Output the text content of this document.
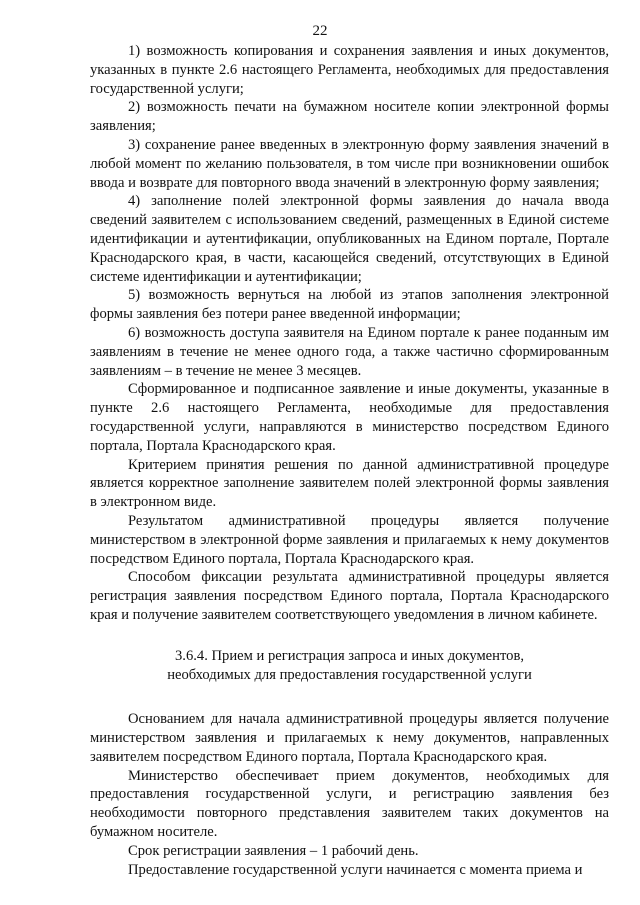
22

1) возможность копирования и сохранения заявления и иных документов, указанных в пункте 2.6 настоящего Регламента, необходимых для предоставления государственной услуги;

2) возможность печати на бумажном носителе копии электронной формы заявления;

3) сохранение ранее введенных в электронную форму заявления значений в любой момент по желанию пользователя, в том числе при возникновении ошибок ввода и возврате для повторного ввода значений в электронную форму заявления;

4) заполнение полей электронной формы заявления до начала ввода сведений заявителем с использованием сведений, размещенных в Единой системе идентификации и аутентификации, опубликованных на Едином портале, Портале Краснодарского края, в части, касающейся сведений, отсутствующих в Единой системе идентификации и аутентификации;

5) возможность вернуться на любой из этапов заполнения электронной формы заявления без потери ранее введенной информации;

6) возможность доступа заявителя на Едином портале к ранее поданным им заявлениям в течение не менее одного года, а также частично сформированным заявлениям – в течение не менее 3 месяцев.

Сформированное и подписанное заявление и иные документы, указанные в пункте 2.6 настоящего Регламента, необходимые для предоставления государственной услуги, направляются в министерство посредством Единого портала, Портала Краснодарского края.

Критерием принятия решения по данной административной процедуре является корректное заполнение заявителем полей электронной формы заявления в электронном виде.

Результатом административной процедуры является получение министерством в электронной форме заявления и прилагаемых к нему документов посредством Единого портала, Портала Краснодарского края.

Способом фиксации результата административной процедуры является регистрация заявления посредством Единого портала, Портала Краснодарского края и получение заявителем соответствующего уведомления в личном кабинете.

3.6.4. Прием и регистрация запроса и иных документов,
необходимых для предоставления государственной услуги

Основанием для начала административной процедуры является получение министерством заявления и прилагаемых к нему документов, направленных заявителем посредством Единого портала, Портала Краснодарского края.

Министерство обеспечивает прием документов, необходимых для предоставления государственной услуги, и регистрацию заявления без необходимости повторного представления заявителем таких документов на бумажном носителе.

Срок регистрации заявления – 1 рабочий день.

Предоставление государственной услуги начинается с момента приема и
